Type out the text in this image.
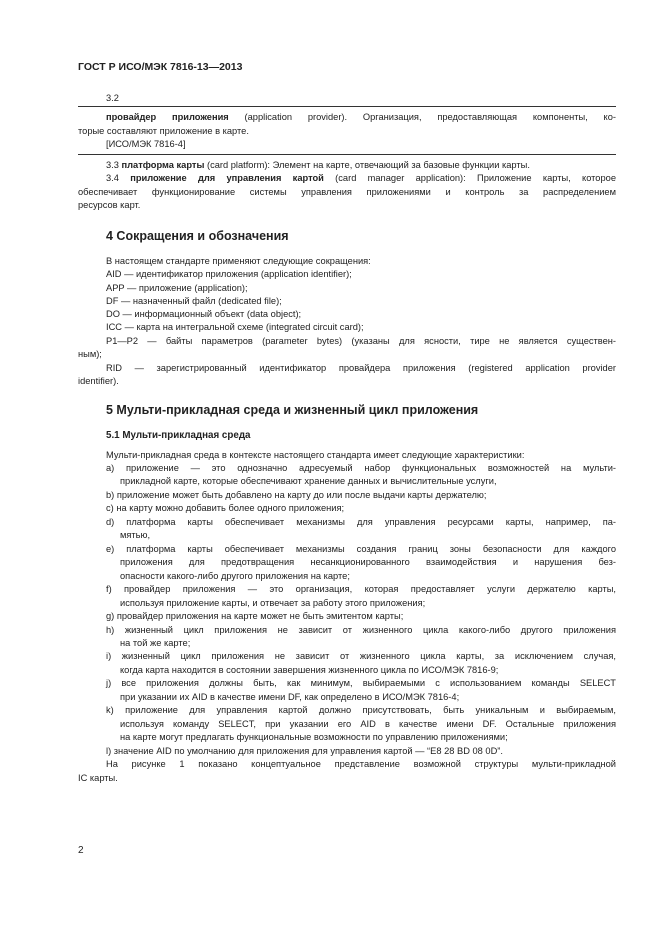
ГОСТ Р ИСО/МЭК 7816-13—2013
3.2
провайдер приложения (application provider). Организация, предоставляющая компоненты, ко-
торые составляют приложение в карте.
[ИСО/МЭК 7816-4]
3.3 платформа карты (card platform): Элемент на карте, отвечающий за базовые функции карты.
3.4 приложение для управления картой (card manager application): Приложение карты, которое
обеспечивает функционирование системы управления приложениями и контроль за распределением
ресурсов карт.
4 Сокращения и обозначения
В настоящем стандарте применяют следующие сокращения:
AID — идентификатор приложения (application identifier);
APP — приложение (application);
DF — назначенный файл (dedicated file);
DO — информационный объект (data object);
ICC — карта на интегральной схеме (integrated circuit card);
P1—P2 — байты параметров (parameter bytes) (указаны для ясности, тире не является существен-
ным);
RID — зарегистрированный идентификатор провайдера приложения (registered application provider
identifier).
5 Мульти-прикладная среда и жизненный цикл приложения
5.1 Мульти-прикладная среда
Мульти-прикладная среда в контексте настоящего стандарта имеет следующие характеристики:
a) приложение — это однозначно адресуемый набор функциональных возможностей на мульти-
прикладной карте, которые обеспечивают хранение данных и вычислительные услуги,
b) приложение может быть добавлено на карту до или после выдачи карты держателю;
c) на карту можно добавить более одного приложения;
d) платформа карты обеспечивает механизмы для управления ресурсами карты, например, па-
мятью,
e) платформа карты обеспечивает механизмы создания границ зоны безопасности для каждого
приложения для предотвращения несанкционированного взаимодействия и нарушения без-
опасности какого-либо другого приложения на карте;
f) провайдер приложения — это организация, которая предоставляет услуги держателю карты,
используя приложение карты, и отвечает за работу этого приложения;
g) провайдер приложения на карте может не быть эмитентом карты;
h) жизненный цикл приложения не зависит от жизненного цикла какого-либо другого приложения
на той же карте;
i) жизненный цикл приложения не зависит от жизненного цикла карты, за исключением случая,
когда карта находится в состоянии завершения жизненного цикла по ИСО/МЭК 7816-9;
j) все приложения должны быть, как минимум, выбираемыми с использованием команды SELECT
при указании их AID в качестве имени DF, как определено в ИСО/МЭК 7816-4;
k) приложение для управления картой должно присутствовать, быть уникальным и выбираемым,
используя команду SELECT, при указании его AID в качестве имени DF. Остальные приложения
на карте могут предлагать функциональные возможности по управлению приложениями;
l) значение AID по умолчанию для приложения для управления картой — “E8 28 BD 08 0D”.
На рисунке 1 показано концептуальное представление возможной структуры мульти-прикладной
IC карты.
2
